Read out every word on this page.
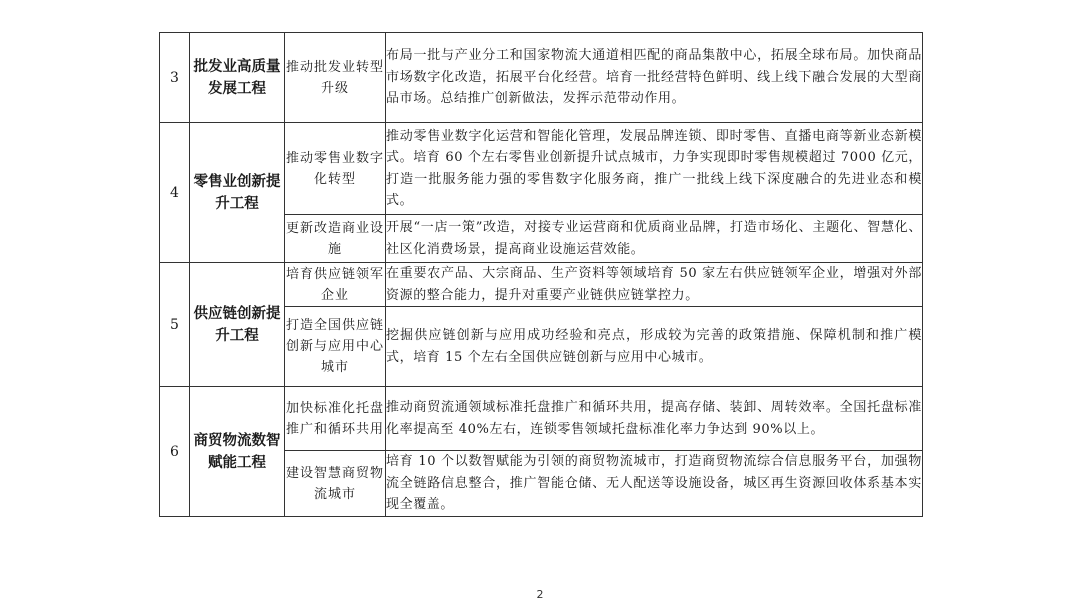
3	批发业高质量发展工程	推动批发业转型升级	布局一批与产业分工和国家物流大通道相匹配的商品集散中心，拓展全球布局。加快商品市场数字化改造，拓展平台化经营。培育一批经营特色鲜明、线上线下融合发展的大型商品市场。总结推广创新做法，发挥示范带动作用。
4	零售业创新提升工程	推动零售业数字化转型	推动零售业数字化运营和智能化管理，发展品牌连锁、即时零售、直播电商等新业态新模式。培育 60 个左右零售业创新提升试点城市，力争实现即时零售规模超过 7000 亿元，打造一批服务能力强的零售数字化服务商，推广一批线上线下深度融合的先进业态和模式。
		更新改造商业设施	开展“一店一策”改造，对接专业运营商和优质商业品牌，打造市场化、主题化、智慧化、社区化消费场景，提高商业设施运营效能。
5	供应链创新提升工程	培育供应链领军企业	在重要农产品、大宗商品、生产资料等领域培育 50 家左右供应链领军企业，增强对外部资源的整合能力，提升对重要产业链供应链掌控力。
		打造全国供应链创新与应用中心城市	挖掘供应链创新与应用成功经验和亮点，形成较为完善的政策措施、保障机制和推广模式，培育 15 个左右全国供应链创新与应用中心城市。
6	商贸物流数智赋能工程	加快标准化托盘推广和循环共用	推动商贸流通领域标准托盘推广和循环共用，提高存储、装卸、周转效率。全国托盘标准化率提高至 40%左右，连锁零售领域托盘标准化率力争达到 90%以上。
		建设智慧商贸物流城市	培育 10 个以数智赋能为引领的商贸物流城市，打造商贸物流综合信息服务平台，加强物流全链路信息整合，推广智能仓储、无人配送等设施设备，城区再生资源回收体系基本实现全覆盖。
2
